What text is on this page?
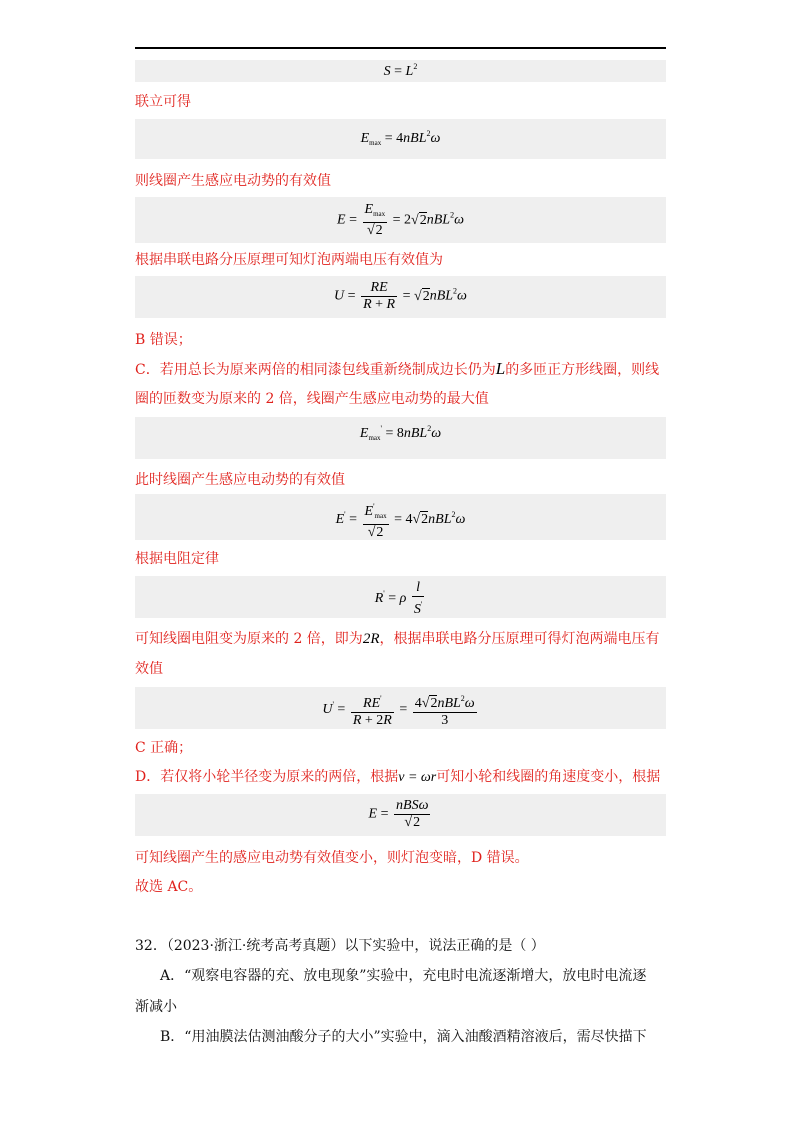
$S = L^2$
联立可得
$E_{max} = 4nBL^2\omega$
则线圈产生感应电动势的有效值
$E = \frac{E_{max}}{√2} = 2√2nBL^2\omega$
根据串联电路分压原理可知灯泡两端电压有效值为
$U = \frac{RE}{R + R} = √2nBL^2\omega$
B 错误；
C．若用总长为原来两倍的相同漆包线重新绕制成边长仍为L的多匝正方形线圈，则线
圈的匝数变为原来的 2 倍，线圈产生感应电动势的最大值
$E_{max}' = 8nBL^2\omega$
此时线圈产生感应电动势的有效值
$E' = \frac{E'_{max}}{√2} = 4√2nBL^2\omega$
根据电阻定律
R' = ρ $\frac{l}{S'}$
可知线圈电阻变为原来的 2 倍，即为2R，根据串联电路分压原理可得灯泡两端电压有
效值
$U' = \frac{RE'}{R + 2R} = \frac{4√2nBL^2\omega}{3}$
C 正确；
D．若仅将小轮半径变为原来的两倍，根据v = ωr可知小轮和线圈的角速度变小，根据
$E = \frac{\text{nBSω}}{√2}$
可知线圈产生的感应电动势有效值变小，则灯泡变暗，D 错误。
故选 AC。
32．（2023·浙江·统考高考真题）以下实验中，说法正确的是（ ）
A．“观察电容器的充、放电现象”实验中，充电时电流逐渐增大，放电时电流逐
渐减小
B．“用油膜法估测油酸分子的大小”实验中，滴入油酸酒精溶液后，需尽快描下
